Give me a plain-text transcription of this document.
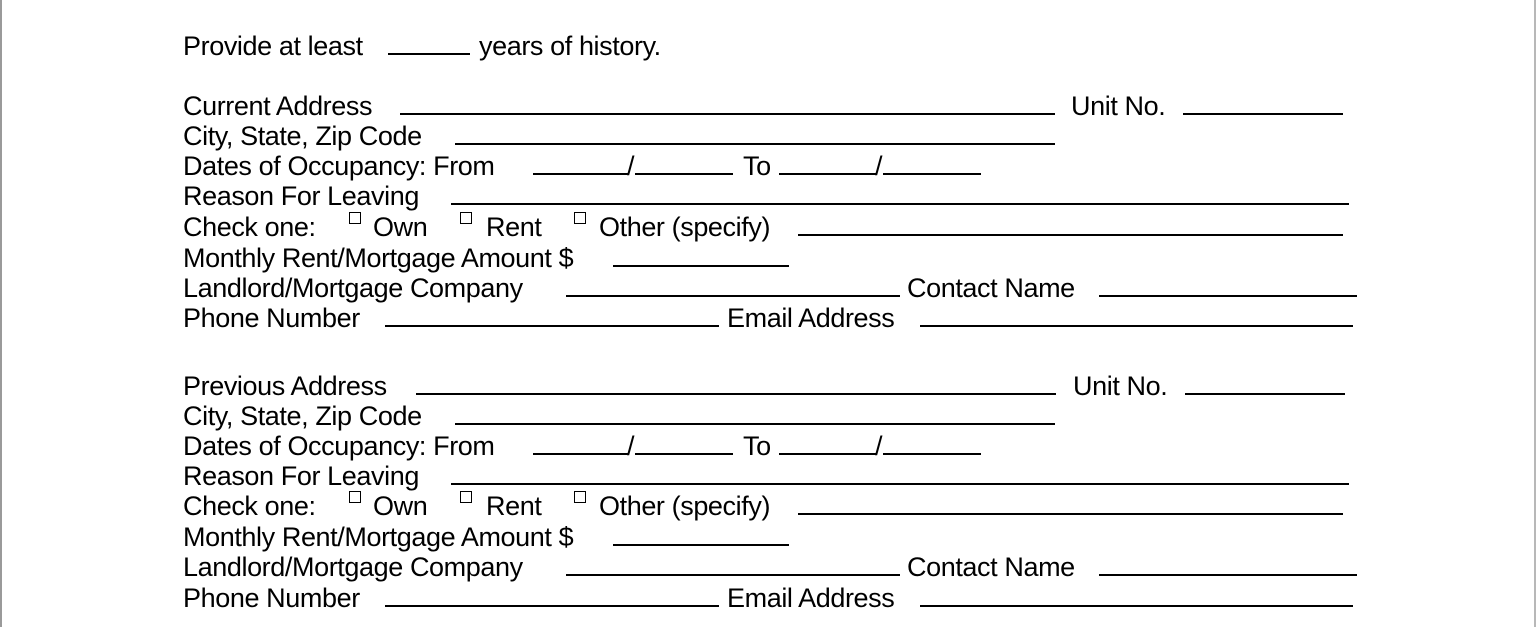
Provide at least	years of history.
Current Address	Unit No.
City, State, Zip Code
Dates of Occupancy: From	/	To	/
Reason For Leaving
Check one: Own Rent Other (specify)
Monthly Rent/Mortgage Amount $
Landlord/Mortgage Company	Contact Name
Phone Number	Email Address
Previous Address	Unit No.
City, State, Zip Code
Dates of Occupancy: From	/	To	/
Reason For Leaving
Check one: Own Rent Other (specify)
Monthly Rent/Mortgage Amount $
Landlord/Mortgage Company	Contact Name
Phone Number	Email Address
